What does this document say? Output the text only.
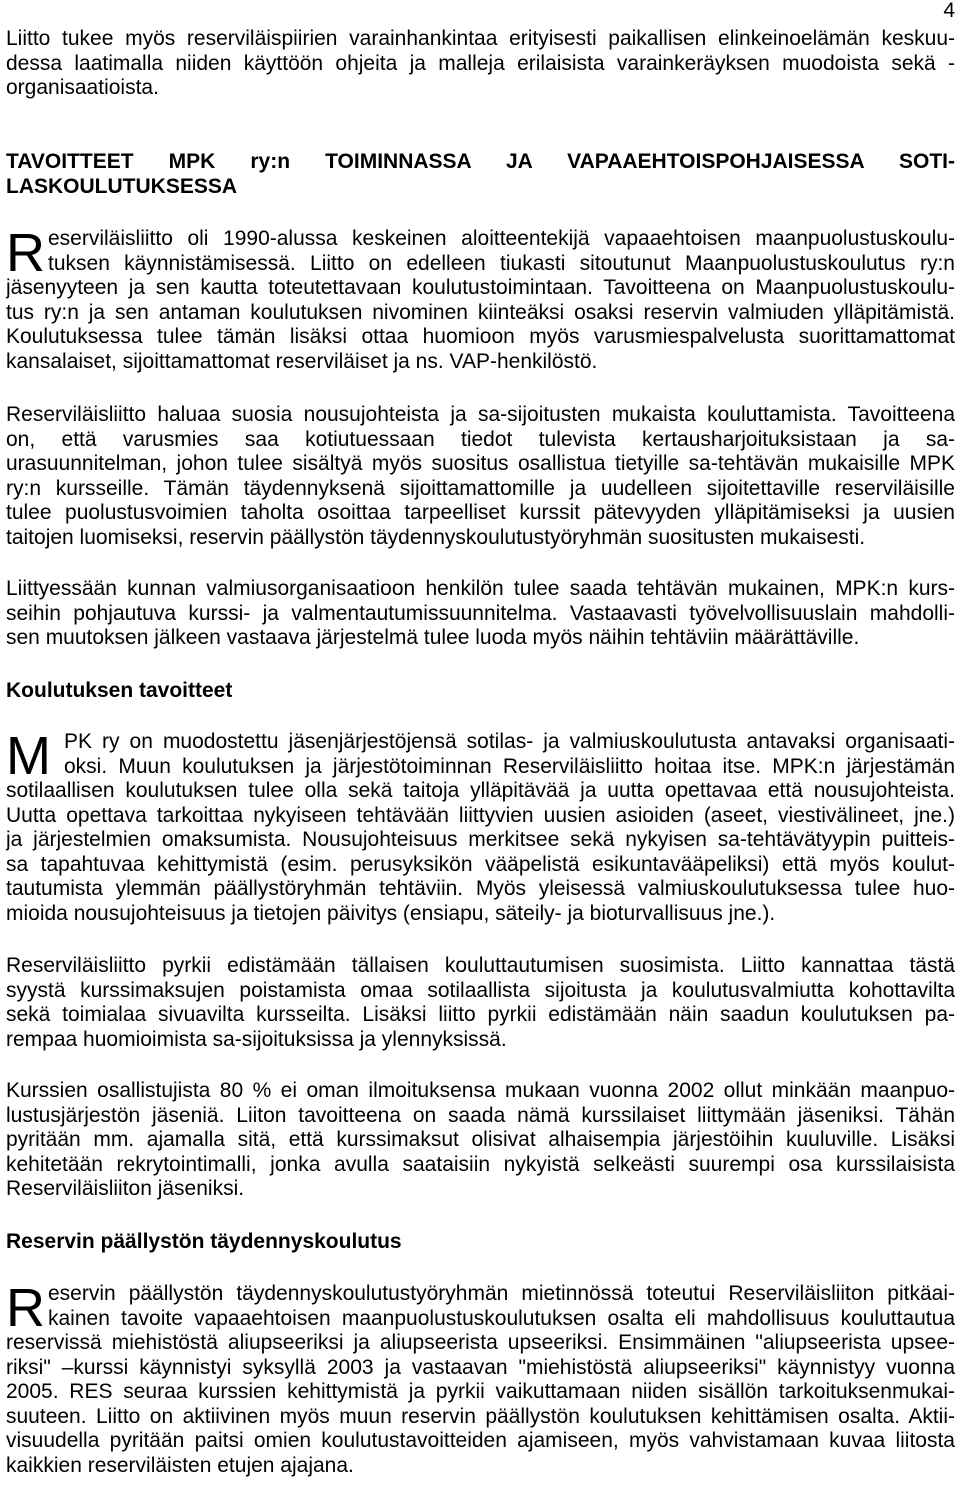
4
Liitto tukee myös reserviläispiirien varainhankintaa erityisesti paikallisen elinkeinoelämän keskuu-
dessa laatimalla niiden käyttöön ohjeita ja malleja erilaisista varainkeräyksen muodoista sekä -
organisaatioista.
TAVOITTEET MPK ry:n TOIMINNASSA JA VAPAAEHTOISPOHJAISESSA SOTI-
LASKOULUTUKSESSA
R eserviläisliitto oli 1990-alussa keskeinen aloitteentekijä vapaaehtoisen maanpuolustuskoulu-
tuksen käynnistämisessä. Liitto on edelleen tiukasti sitoutunut Maanpuolustuskoulutus ry:n
jäsenyyteen ja sen kautta toteutettavaan koulutustoimintaan. Tavoitteena on Maanpuolustuskoulu-
tus ry:n ja sen antaman koulutuksen nivominen kiinteäksi osaksi reservin valmiuden ylläpitämistä.
Koulutuksessa tulee tämän lisäksi ottaa huomioon myös varusmiespalvelusta suorittamattomat
kansalaiset, sijoittamattomat reserviläiset ja ns. VAP-henkilöstö.
Reserviläisliitto haluaa suosia nousujohteista ja sa-sijoitusten mukaista kouluttamista. Tavoitteena
on, että varusmies saa kotiutuessaan tiedot tulevista kertausharjoituksistaan ja sa-
urasuunnitelman, johon tulee sisältyä myös suositus osallistua tietyille sa-tehtävän mukaisille MPK
ry:n kursseille. Tämän täydennyksenä sijoittamattomille ja uudelleen sijoitettaville reserviläisille
tulee puolustusvoimien taholta osoittaa tarpeelliset kurssit pätevyyden ylläpitämiseksi ja uusien
taitojen luomiseksi, reservin päällystön täydennyskoulutustyöryhmän suositusten mukaisesti.
Liittyessään kunnan valmiusorganisaatioon henkilön tulee saada tehtävän mukainen, MPK:n kurs-
seihin pohjautuva kurssi- ja valmentautumissuunnitelma. Vastaavasti työvelvollisuuslain mahdolli-
sen muutoksen jälkeen vastaava järjestelmä tulee luoda myös näihin tehtäviin määrättäville.
Koulutuksen tavoitteet
M PK ry on muodostettu jäsenjärjestöjensä sotilas- ja valmiuskoulutusta antavaksi organisaati-
oksi. Muun koulutuksen ja järjestötoiminnan Reserviläisliitto hoitaa itse. MPK:n järjestämän
sotilaallisen koulutuksen tulee olla sekä taitoja ylläpitävää ja uutta opettavaa että nousujohteista.
Uutta opettava tarkoittaa nykyiseen tehtävään liittyvien uusien asioiden (aseet, viestivälineet, jne.)
ja järjestelmien omaksumista. Nousujohteisuus merkitsee sekä nykyisen sa-tehtävätyypin puitteis-
sa tapahtuvaa kehittymistä (esim. perusyksikön vääpelistä esikuntavääpeliksi) että myös koulut-
tautumista ylemmän päällystöryhmän tehtäviin. Myös yleisessä valmiuskoulutuksessa tulee huo-
mioida nousujohteisuus ja tietojen päivitys (ensiapu, säteily- ja bioturvallisuus jne.).
Reserviläisliitto pyrkii edistämään tällaisen kouluttautumisen suosimista. Liitto kannattaa tästä
syystä kurssimaksujen poistamista omaa sotilaallista sijoitusta ja koulutusvalmiutta kohottavilta
sekä toimialaa sivuavilta kursseilta. Lisäksi liitto pyrkii edistämään näin saadun koulutuksen pa-
rempaa huomioimista sa-sijoituksissa ja ylennyksissä.
Kurssien osallistujista 80 % ei oman ilmoituksensa mukaan vuonna 2002 ollut minkään maanpuo-
lustusjärjestön jäseniä. Liiton tavoitteena on saada nämä kurssilaiset liittymään jäseniksi. Tähän
pyritään mm. ajamalla sitä, että kurssimaksut olisivat alhaisempia järjestöihin kuuluville. Lisäksi
kehitetään rekrytointimalli, jonka avulla saataisiin nykyistä selkeästi suurempi osa kurssilaisista
Reserviläisliiton jäseniksi.
Reservin päällystön täydennyskoulutus
R eservin päällystön täydennyskoulutustyöryhmän mietinnössä toteutui Reserviläisliiton pitkäai-
kainen tavoite vapaaehtoisen maanpuolustuskoulutuksen osalta eli mahdollisuus kouluttautua
reservissä miehistöstä aliupseeriksi ja aliupseerista upseeriksi. Ensimmäinen "aliupseerista upsee-
riksi" –kurssi käynnistyi syksyllä 2003 ja vastaavan "miehistöstä aliupseeriksi" käynnistyy vuonna
2005. RES seuraa kurssien kehittymistä ja pyrkii vaikuttamaan niiden sisällön tarkoituksenmukai-
suuteen. Liitto on aktiivinen myös muun reservin päällystön koulutuksen kehittämisen osalta. Aktii-
visuudella pyritään paitsi omien koulutustavoitteiden ajamiseen, myös vahvistamaan kuvaa liitosta
kaikkien reserviläisten etujen ajajana.
